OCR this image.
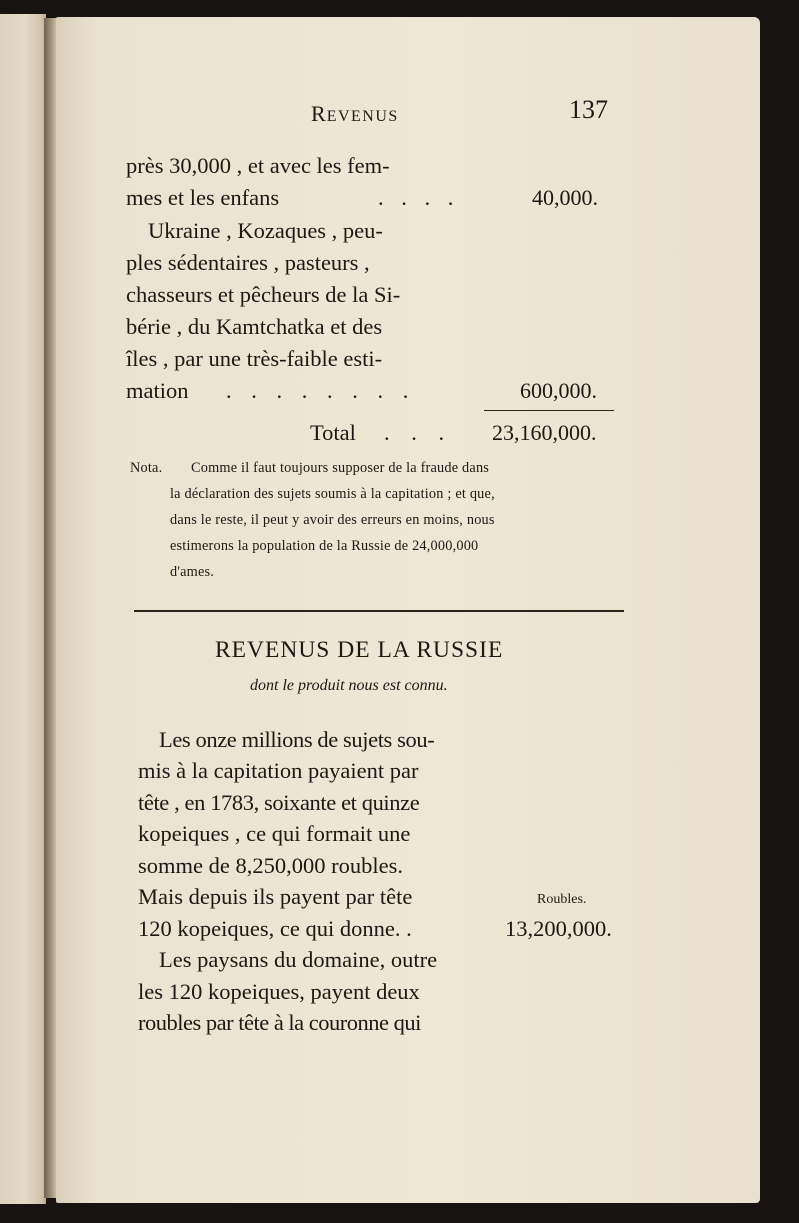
REVENUS	137
près 30,000 , et avec les fem-
mes et les enfans	. . . .	40,000.
Ukraine , Kozaques , peu-
ples sédentaires , pasteurs ,
chasseurs et pêcheurs de la Si-
bérie , du Kamtchatka et des
îles , par une très-faible esti-
mation . . . . . . . .	600,000.
Total . . . 23,160,000.
Nota. Comme il faut toujours supposer de la fraude dans
la déclaration des sujets soumis à la capitation ; et que,
dans le reste, il peut y avoir des erreurs en moins, nous
estimerons la population de la Russie de 24,000,000
d'ames.
REVENUS DE LA RUSSIE
dont le produit nous est connu.
Les onze millions de sujets sou-
mis à la capitation payaient par
tête , en 1783, soixante et quinze
kopeiques , ce qui formait une
somme de 8,250,000 roubles.
Mais depuis ils payent par tête	Roubles.
120 kopeiques, ce qui donne. .	13,200,000.
Les paysans du domaine, outre
les 120 kopeiques, payent deux
roubles par tête à la couronne qui
